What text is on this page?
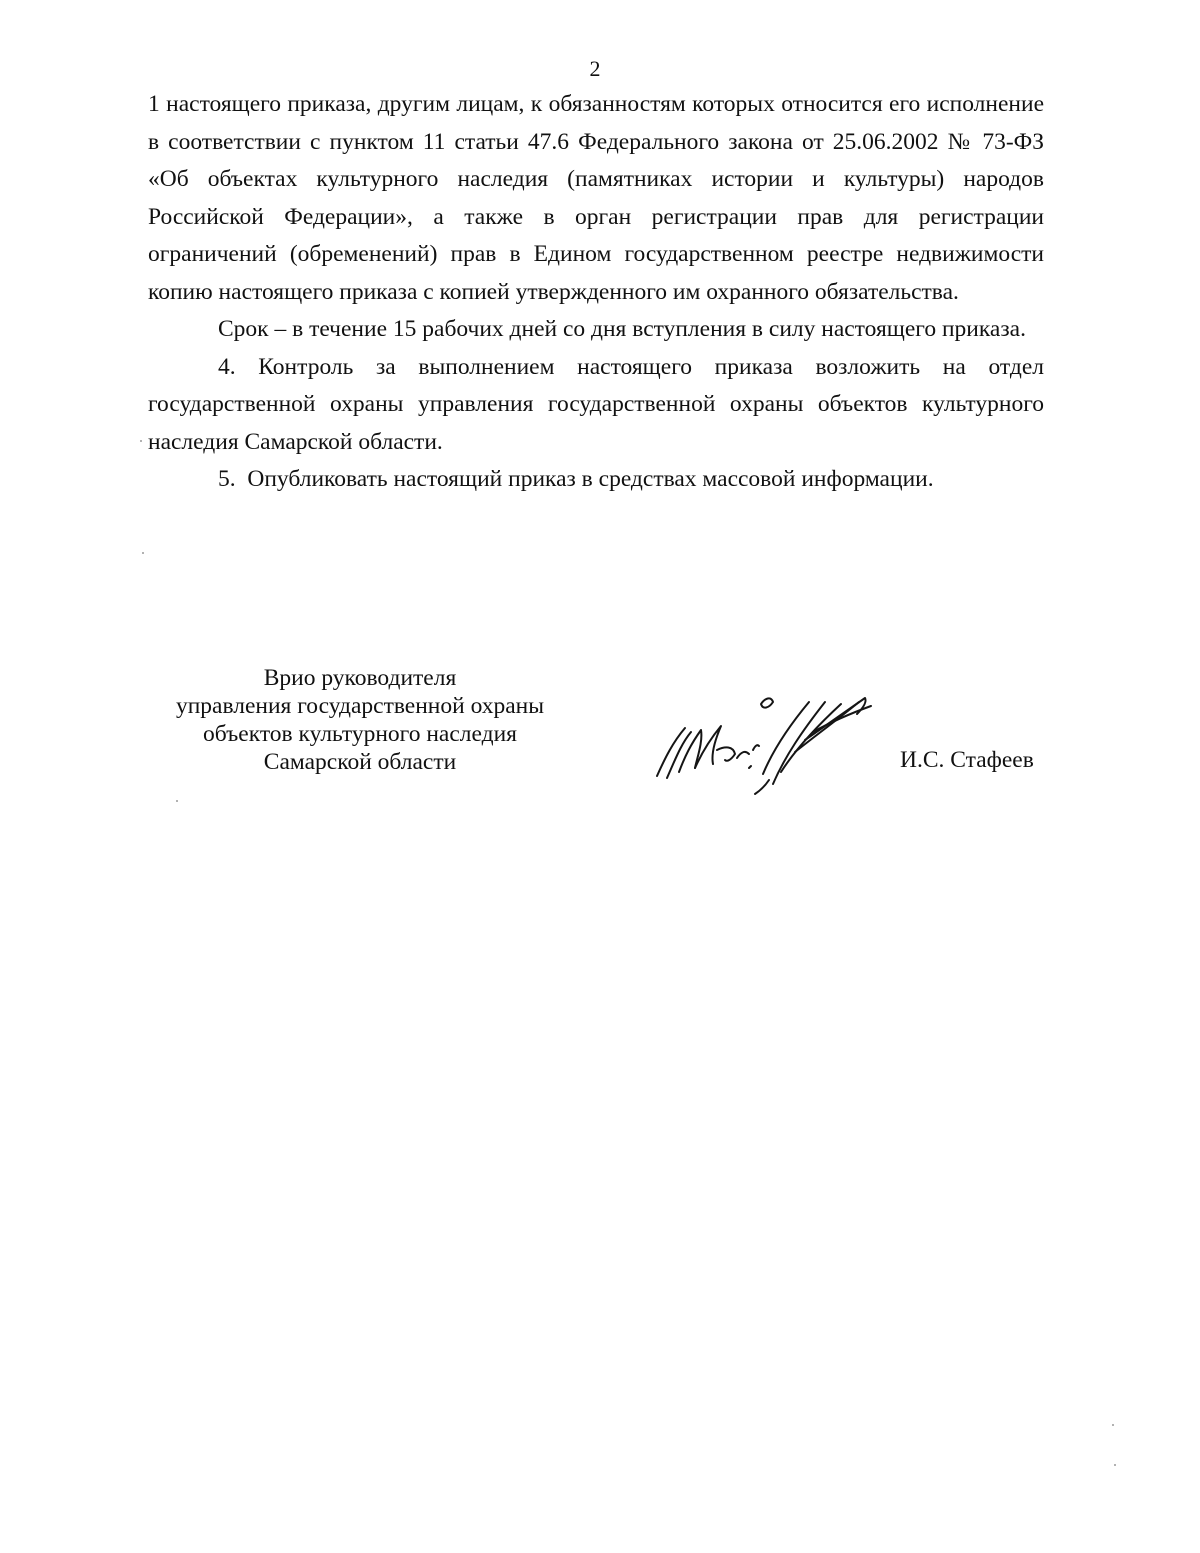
2

1 настоящего приказа, другим лицам, к обязанностям которых относится его исполнение в соответствии с пунктом 11 статьи 47.6 Федерального закона от 25.06.2002 № 73-ФЗ «Об объектах культурного наследия (памятниках истории и культуры) народов Российской Федерации», а также в орган регистрации прав для регистрации ограничений (обременений) прав в Едином государственном реестре недвижимости копию настоящего приказа с копией утвержденного им охранного обязательства.

Срок – в течение 15 рабочих дней со дня вступления в силу настоящего приказа.

4. Контроль за выполнением настоящего приказа возложить на отдел государственной охраны управления государственной охраны объектов культурного наследия Самарской области.

5.  Опубликовать настоящий приказ в средствах массовой информации.

Врио руководителя
управления государственной охраны
объектов культурного наследия
Самарской области	И.С. Стафеев
